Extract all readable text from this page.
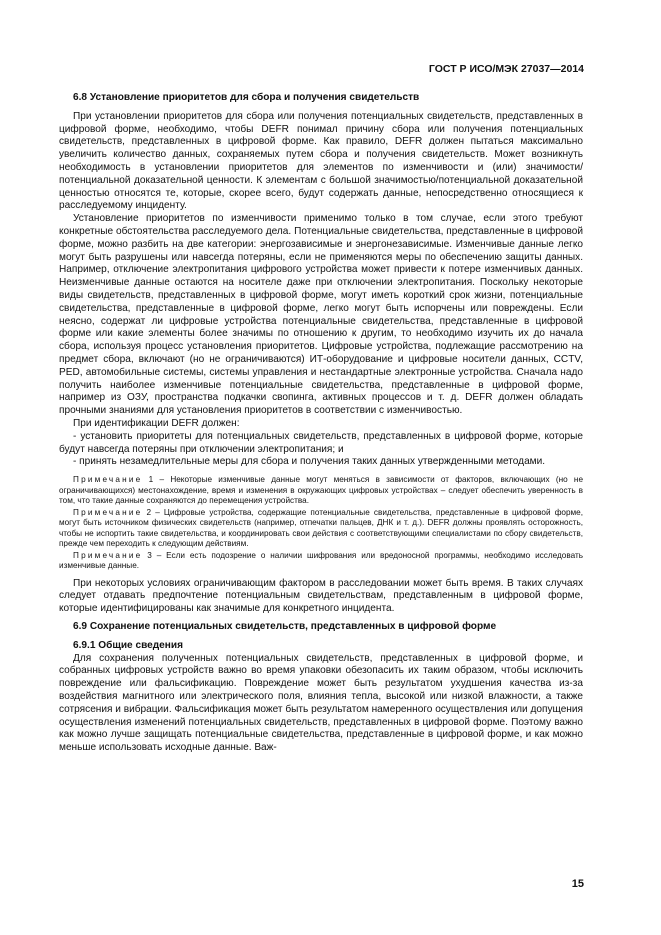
ГОСТ Р ИСО/МЭК 27037—2014
6.8 Установление приоритетов для сбора и получения свидетельств

При установлении приоритетов для сбора или получения потенциальных свидетельств, представленных в цифровой форме, необходимо, чтобы DEFR понимал причину сбора или получения потенциальных свидетельств, представленных в цифровой форме. Как правило, DEFR должен пытаться максимально увеличить количество данных, сохраняемых путем сбора и получения свидетельств. Может возникнуть необходимость в установлении приоритетов для элементов по изменчивости и (или) значимости/потенциальной доказательной ценности. К элементам с большой значимостью/потенциальной доказательной ценностью относятся те, которые, скорее всего, будут содержать данные, непосредственно относящиеся к расследуемому инциденту.

Установление приоритетов по изменчивости применимо только в том случае, если этого требуют конкретные обстоятельства расследуемого дела. Потенциальные свидетельства, представленные в цифровой форме, можно разбить на две категории: энергозависимые и энергонезависимые. Изменчивые данные легко могут быть разрушены или навсегда потеряны, если не применяются меры по обеспечению защиты данных. Например, отключение электропитания цифрового устройства может привести к потере изменчивых данных. Неизменчивые данные остаются на носителе даже при отключении электропитания. Поскольку некоторые виды свидетельств, представленных в цифровой форме, могут иметь короткий срок жизни, потенциальные свидетельства, представленные в цифровой форме, легко могут быть испорчены или повреждены. Если неясно, содержат ли цифровые устройства потенциальные свидетельства, представленные в цифровой форме или какие элементы более значимы по отношению к другим, то необходимо изучить их до начала сбора, используя процесс установления приоритетов. Цифровые устройства, подлежащие рассмотрению на предмет сбора, включают (но не ограничиваются) ИТ-оборудование и цифровые носители данных, CCTV, PED, автомобильные системы, системы управления и нестандартные электронные устройства. Сначала надо получить наиболее изменчивые потенциальные свидетельства, представленные в цифровой форме, например из ОЗУ, пространства подкачки свопинга, активных процессов и т. д. DEFR должен обладать прочными знаниями для установления приоритетов в соответствии с изменчивостью.

При идентификации DEFR должен:

- установить приоритеты для потенциальных свидетельств, представленных в цифровой форме, которые будут навсегда потеряны при отключении электропитания; и

- принять незамедлительные меры для сбора и получения таких данных утвержденными методами.

Примечание 1 – Некоторые изменчивые данные могут меняться в зависимости от факторов, включающих (но не ограничивающихся) местонахождение, время и изменения в окружающих цифровых устройствах – следует обеспечить уверенность в том, что такие данные сохраняются до перемещения устройства.

Примечание 2 – Цифровые устройства, содержащие потенциальные свидетельства, представленные в цифровой форме, могут быть источником физических свидетельств (например, отпечатки пальцев, ДНК и т. д.). DEFR должны проявлять осторожность, чтобы не испортить такие свидетельства, и координировать свои действия с соответствующими специалистами по сбору свидетельств, прежде чем переходить к следующим действиям.

Примечание 3 – Если есть подозрение о наличии шифрования или вредоносной программы, необходимо исследовать изменчивые данные.

При некоторых условиях ограничивающим фактором в расследовании может быть время. В таких случаях следует отдавать предпочтение потенциальным свидетельствам, представленным в цифровой форме, которые идентифицированы как значимые для конкретного инцидента.

6.9 Сохранение потенциальных свидетельств, представленных в цифровой форме
6.9.1 Общие сведения

Для сохранения полученных потенциальных свидетельств, представленных в цифровой форме, и собранных цифровых устройств важно во время упаковки обезопасить их таким образом, чтобы исключить повреждение или фальсификацию. Повреждение может быть результатом ухудшения качества из-за воздействия магнитного или электрического поля, влияния тепла, высокой или низкой влажности, а также сотрясения и вибрации. Фальсификация может быть результатом намеренного осуществления или допущения осуществления изменений потенциальных свидетельств, представленных в цифровой форме. Поэтому важно как можно лучше защищать потенциальные свидетельства, представленные в цифровой форме, и как можно меньше использовать исходные данные. Важ-

15
